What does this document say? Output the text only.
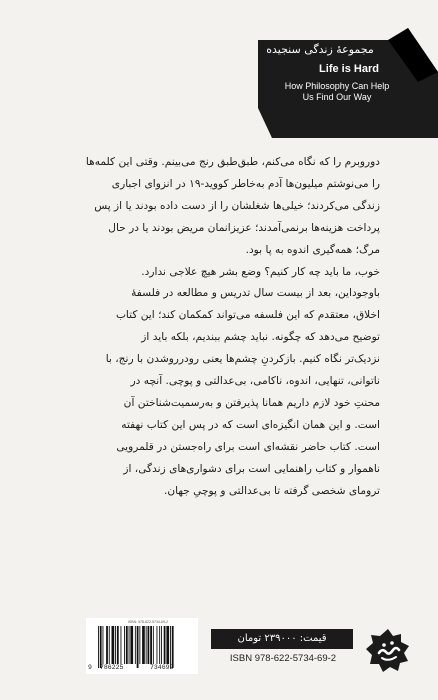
مجموعهٔ زندگی سنجیده
Life is Hard
How Philosophy Can Help
Us Find Our Way

دوروبرم را که نگاه می‌کنم، طبق‌طبق رنج می‌بینم. وقتی این کلمه‌ها

را می‌نوشتم میلیون‌ها آدم به‌خاطر کووید-۱۹ در انزوای اجباری

زندگی می‌کردند؛ خیلی‌ها شغلشان را از دست داده بودند یا از پس

پرداخت هزینه‌ها برنمی‌آمدند؛ عزیزانمان مریض بودند یا در حال

مرگ؛ همه‌گیری اندوه به پا بود.

خوب، ما باید چه کار کنیم؟ وضع بشر هیچ علاجی ندارد.

باوجوداین، بعد از بیست سال تدریس و مطالعه در فلسفهٔ

اخلاق، معتقدم که این فلسفه می‌تواند کمکمان کند؛ این کتاب

توضیح می‌دهد که چگونه. نباید چشم ببندیم، بلکه باید از

نزدیک‌تر نگاه کنیم. بازکردنِ چشم‌ها یعنی رودرروشدن با رنج، با

ناتوانی، تنهایی، اندوه، ناکامی، بی‌عدالتی و پوچی. آنچه در

محنتِ خود لازم داریم همانا پذیرفتن و به‌رسمیت‌شناختن آن

است. و این همان انگیزه‌ای است که در پس این کتاب نهفته

است. کتاب حاضر نقشه‌ای است برای راه‌جستن در قلمرویی

ناهموار و کتاب راهنمایی است برای دشواری‌های زندگی، از

ترومای شخصی گرفته تا بی‌عدالتی و پوچیِ جهان.

قیمت: ۲۳۹۰۰۰ تومان
ISBN 978-622-5734-69-2
ISBN: 978-622-5734-69-2
9 786225	734692
